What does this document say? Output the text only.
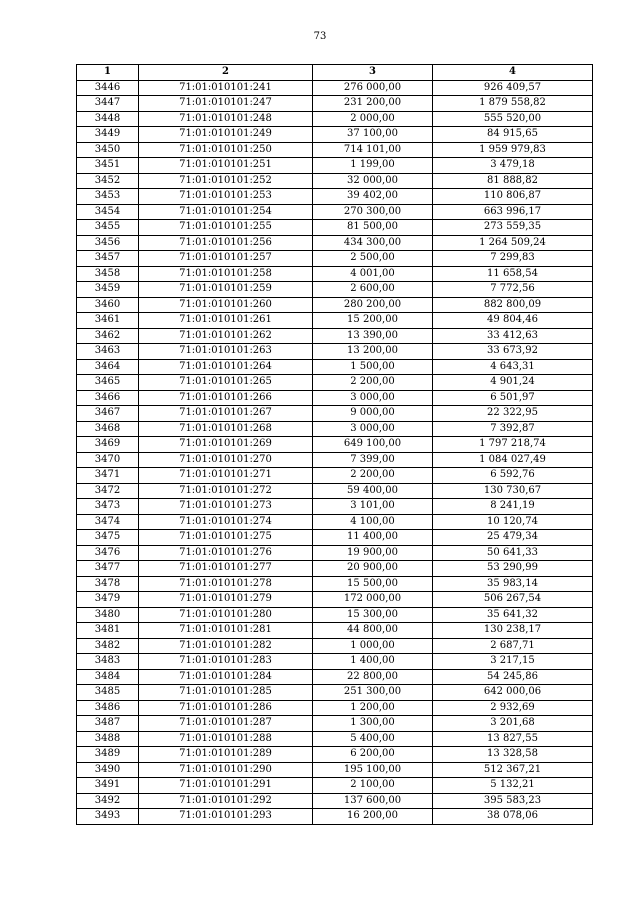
73
1	2	3	4
3446	71:01:010101:241	276 000,00	926 409,57
3447	71:01:010101:247	231 200,00	1 879 558,82
3448	71:01:010101:248	2 000,00	555 520,00
3449	71:01:010101:249	37 100,00	84 915,65
3450	71:01:010101:250	714 101,00	1 959 979,83
3451	71:01:010101:251	1 199,00	3 479,18
3452	71:01:010101:252	32 000,00	81 888,82
3453	71:01:010101:253	39 402,00	110 806,87
3454	71:01:010101:254	270 300,00	663 996,17
3455	71:01:010101:255	81 500,00	273 559,35
3456	71:01:010101:256	434 300,00	1 264 509,24
3457	71:01:010101:257	2 500,00	7 299,83
3458	71:01:010101:258	4 001,00	11 658,54
3459	71:01:010101:259	2 600,00	7 772,56
3460	71:01:010101:260	280 200,00	882 800,09
3461	71:01:010101:261	15 200,00	49 804,46
3462	71:01:010101:262	13 390,00	33 412,63
3463	71:01:010101:263	13 200,00	33 673,92
3464	71:01:010101:264	1 500,00	4 643,31
3465	71:01:010101:265	2 200,00	4 901,24
3466	71:01:010101:266	3 000,00	6 501,97
3467	71:01:010101:267	9 000,00	22 322,95
3468	71:01:010101:268	3 000,00	7 392,87
3469	71:01:010101:269	649 100,00	1 797 218,74
3470	71:01:010101:270	7 399,00	1 084 027,49
3471	71:01:010101:271	2 200,00	6 592,76
3472	71:01:010101:272	59 400,00	130 730,67
3473	71:01:010101:273	3 101,00	8 241,19
3474	71:01:010101:274	4 100,00	10 120,74
3475	71:01:010101:275	11 400,00	25 479,34
3476	71:01:010101:276	19 900,00	50 641,33
3477	71:01:010101:277	20 900,00	53 290,99
3478	71:01:010101:278	15 500,00	35 983,14
3479	71:01:010101:279	172 000,00	506 267,54
3480	71:01:010101:280	15 300,00	35 641,32
3481	71:01:010101:281	44 800,00	130 238,17
3482	71:01:010101:282	1 000,00	2 687,71
3483	71:01:010101:283	1 400,00	3 217,15
3484	71:01:010101:284	22 800,00	54 245,86
3485	71:01:010101:285	251 300,00	642 000,06
3486	71:01:010101:286	1 200,00	2 932,69
3487	71:01:010101:287	1 300,00	3 201,68
3488	71:01:010101:288	5 400,00	13 827,55
3489	71:01:010101:289	6 200,00	13 328,58
3490	71:01:010101:290	195 100,00	512 367,21
3491	71:01:010101:291	2 100,00	5 132,21
3492	71:01:010101:292	137 600,00	395 583,23
3493	71:01:010101:293	16 200,00	38 078,06
